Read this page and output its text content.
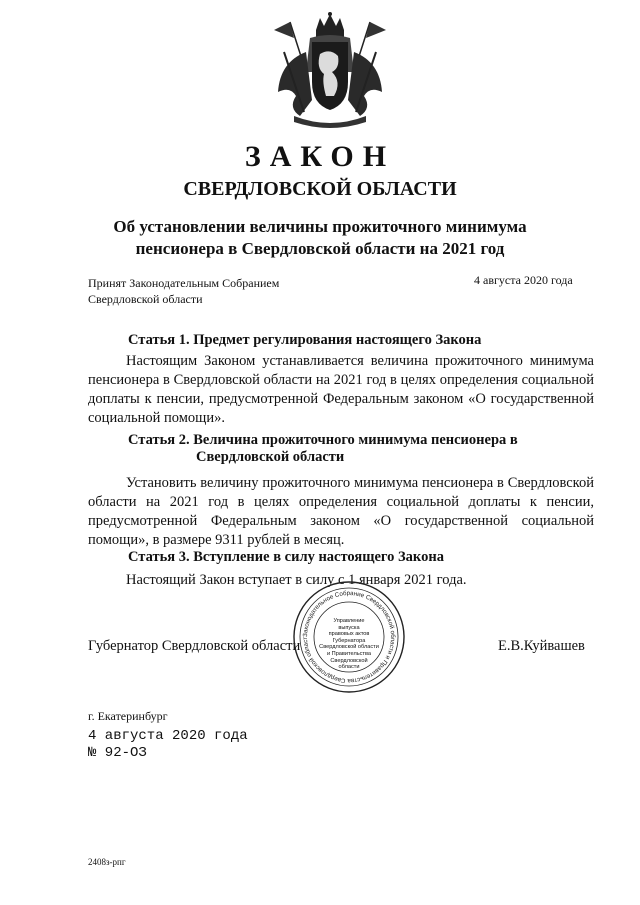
ЗАКОН
СВЕРДЛОВСКОЙ ОБЛАСТИ
Об установлении величины прожиточного минимума
пенсионера в Свердловской области на 2021 год
Принят Законодательным Собранием
Свердловской области
4 августа 2020 года
Статья 1. Предмет регулирования настоящего Закона
Настоящим Законом устанавливается величина прожиточного минимума пенсионера в Свердловской области на 2021 год в целях определения социальной доплаты к пенсии, предусмотренной Федеральным законом «О государственной социальной помощи».
Статья 2. Величина прожиточного минимума пенсионера в
Свердловской области
Установить величину прожиточного минимума пенсионера в Свердловской области на 2021 год в целях определения социальной доплаты к пенсии, предусмотренной Федеральным законом «О государственной социальной помощи», в размере 9311 рублей в месяц.
Статья 3. Вступление в силу настоящего Закона
Настоящий Закон вступает в силу с 1 января 2021 года.
Губернатор Свердловской области	Е.В.Куйвашев
Законодательное Собрание Свердловской области и Правительства Свердловской област
Управление
выпуска
правовых актов
Губернатора
Свердловской области
и Правительства
Свердловской
области
г. Екатеринбург
4 августа 2020 года
№ 92-ОЗ
2408з-рпг
